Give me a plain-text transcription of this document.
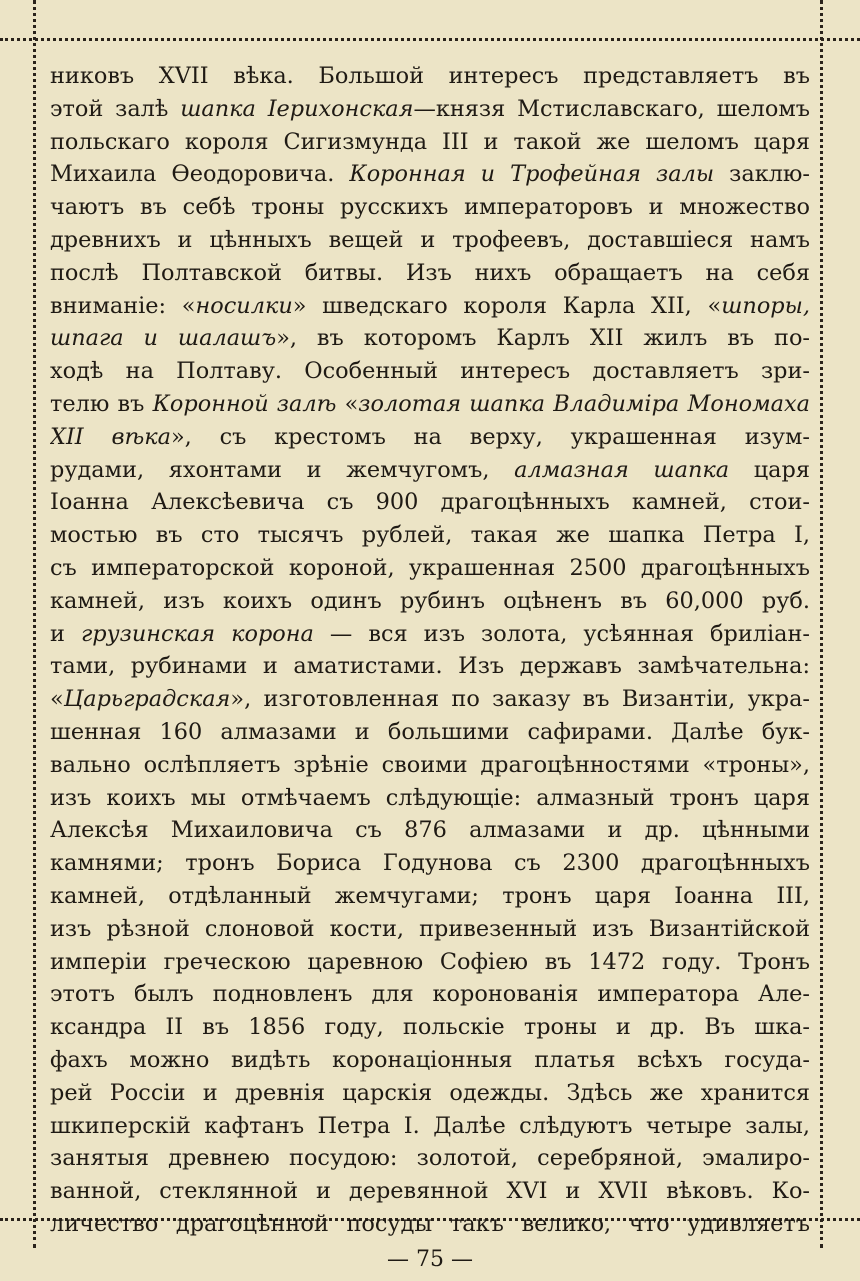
никовъ XVII вѣка. Большой интересъ представляетъ въ
этой залѣ шапка Іерихонская—князя Мстиславскаго, шеломъ
польскаго короля Сигизмунда III и такой же шеломъ царя
Михаила Ѳеодоровича. Коронная и Трофейная залы заклю-
чаютъ въ себѣ троны русскихъ императоровъ и множество
древнихъ и цѣнныхъ вещей и трофеевъ, доставшіеся намъ
послѣ Полтавской битвы. Изъ нихъ обращаетъ на себя
вниманіе: «носилки» шведскаго короля Карла XII, «шпоры,
шпага и шалашъ», въ которомъ Карлъ XII жилъ въ по-
ходѣ на Полтаву. Особенный интересъ доставляетъ зри-
телю въ Коронной залѣ «золотая шапка Владиміра Мономаха
XII вѣка», съ крестомъ на верху, украшенная изум-
рудами, яхонтами и жемчугомъ, алмазная шапка царя
Іоанна Алексѣевича съ 900 драгоцѣнныхъ камней, стои-
мостью въ сто тысячъ рублей, такая же шапка Петра I,
съ императорской короной, украшенная 2500 драгоцѣнныхъ
камней, изъ коихъ одинъ рубинъ оцѣненъ въ 60,000 руб.
и грузинская корона — вся изъ золота, усѣянная бриліан-
тами, рубинами и аматистами. Изъ державъ замѣчательна:
«Царьградская», изготовленная по заказу въ Византіи, укра-
шенная 160 алмазами и большими сафирами. Далѣе бук-
вально ослѣпляетъ зрѣніе своими драгоцѣнностями «троны»,
изъ коихъ мы отмѣчаемъ слѣдующіе: алмазный тронъ царя
Алексѣя Михаиловича съ 876 алмазами и др. цѣнными
камнями; тронъ Бориса Годунова съ 2300 драгоцѣнныхъ
камней, отдѣланный жемчугами; тронъ царя Іоанна III,
изъ рѣзной слоновой кости, привезенный изъ Византійской
имперіи греческою царевною Софіею въ 1472 году. Тронъ
этотъ былъ подновленъ для коронованія императора Але-
ксандра II въ 1856 году, польскіе троны и др. Въ шка-
фахъ можно видѣть коронаціонныя платья всѣхъ госуда-
рей Россіи и древнія царскія одежды. Здѣсь же хранится
шкиперскій кафтанъ Петра I. Далѣе слѣдуютъ четыре залы,
занятыя древнею посудою: золотой, серебряной, эмалиро-
ванной, стеклянной и деревянной XVI и XVII вѣковъ. Ко-
личество драгоцѣнной посуды такъ велико, что удивляетъ
— 75 —
